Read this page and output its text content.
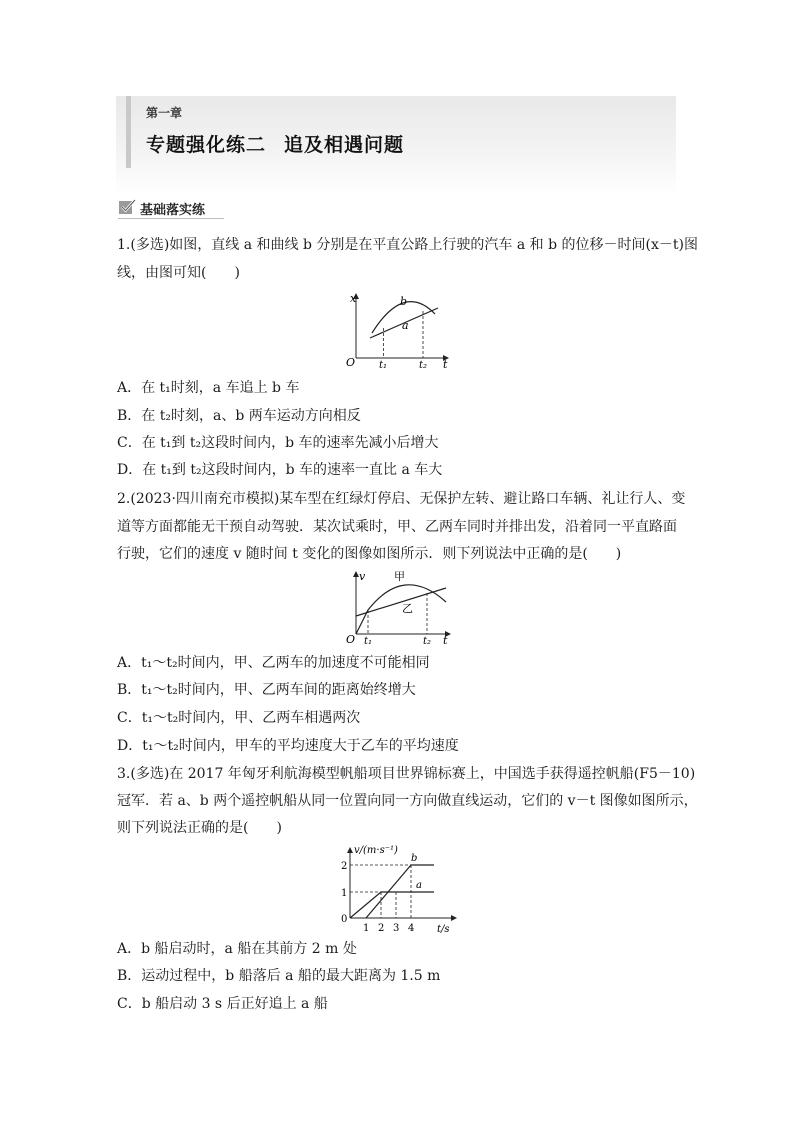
第一章
专题强化练二 追及相遇问题
基础落实练
1.(多选)如图，直线 a 和曲线 b 分别是在平直公路上行驶的汽车 a 和 b 的位移－时间(x－t)图
线，由图可知(　　)
x
t
O t₁	t₂
b
a
A．在 t₁时刻，a 车追上 b 车
B．在 t₂时刻，a、b 两车运动方向相反
C．在 t₁到 t₂这段时间内，b 车的速率先减小后增大
D．在 t₁到 t₂这段时间内，b 车的速率一直比 a 车大
2.(2023·四川南充市模拟)某车型在红绿灯停启、无保护左转、避让路口车辆、礼让行人、变
道等方面都能无干预自动驾驶．某次试乘时，甲、乙两车同时并排出发，沿着同一平直路面
行驶，它们的速度 v 随时间 t 变化的图像如图所示．则下列说法中正确的是(　　)
v
t
O t₁	t₂
甲
乙
A．t₁～t₂时间内，甲、乙两车的加速度不可能相同
B．t₁～t₂时间内，甲、乙两车间的距离始终增大
C．t₁～t₂时间内，甲、乙两车相遇两次
D．t₁～t₂时间内，甲车的平均速度大于乙车的平均速度
3.(多选)在 2017 年匈牙利航海模型帆船项目世界锦标赛上，中国选手获得遥控帆船(F5－10)
冠军．若 a、b 两个遥控帆船从同一位置向同一方向做直线运动，它们的 v－t 图像如图所示，
则下列说法正确的是(　　)
v/(m·s⁻¹)
t/s
0
1
2
1 2 3 4
a
b
A．b 船启动时，a 船在其前方 2 m 处
B．运动过程中，b 船落后 a 船的最大距离为 1.5 m
C．b 船启动 3 s 后正好追上 a 船
